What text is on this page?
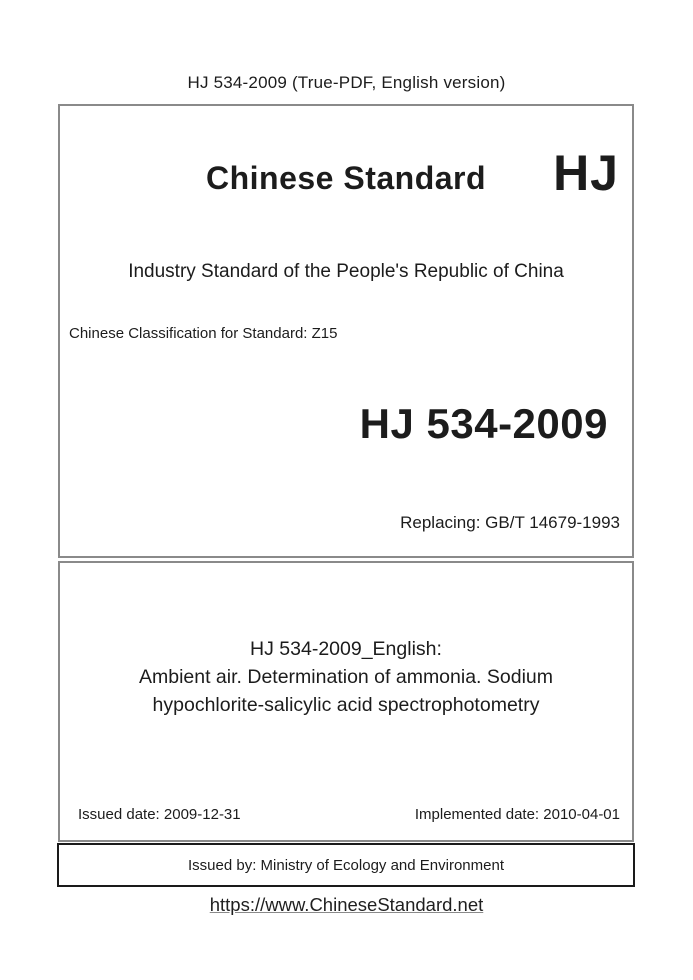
HJ 534-2009 (True-PDF, English version)
Chinese Standard	HJ
Industry Standard of the People's Republic of China
Chinese Classification for Standard: Z15
HJ 534-2009
Replacing: GB/T 14679-1993
HJ 534-2009_English:
Ambient air. Determination of ammonia. Sodium
hypochlorite-salicylic acid spectrophotometry
Issued date: 2009-12-31	Implemented date: 2010-04-01
Issued by: Ministry of Ecology and Environment
https://www.ChineseStandard.net
